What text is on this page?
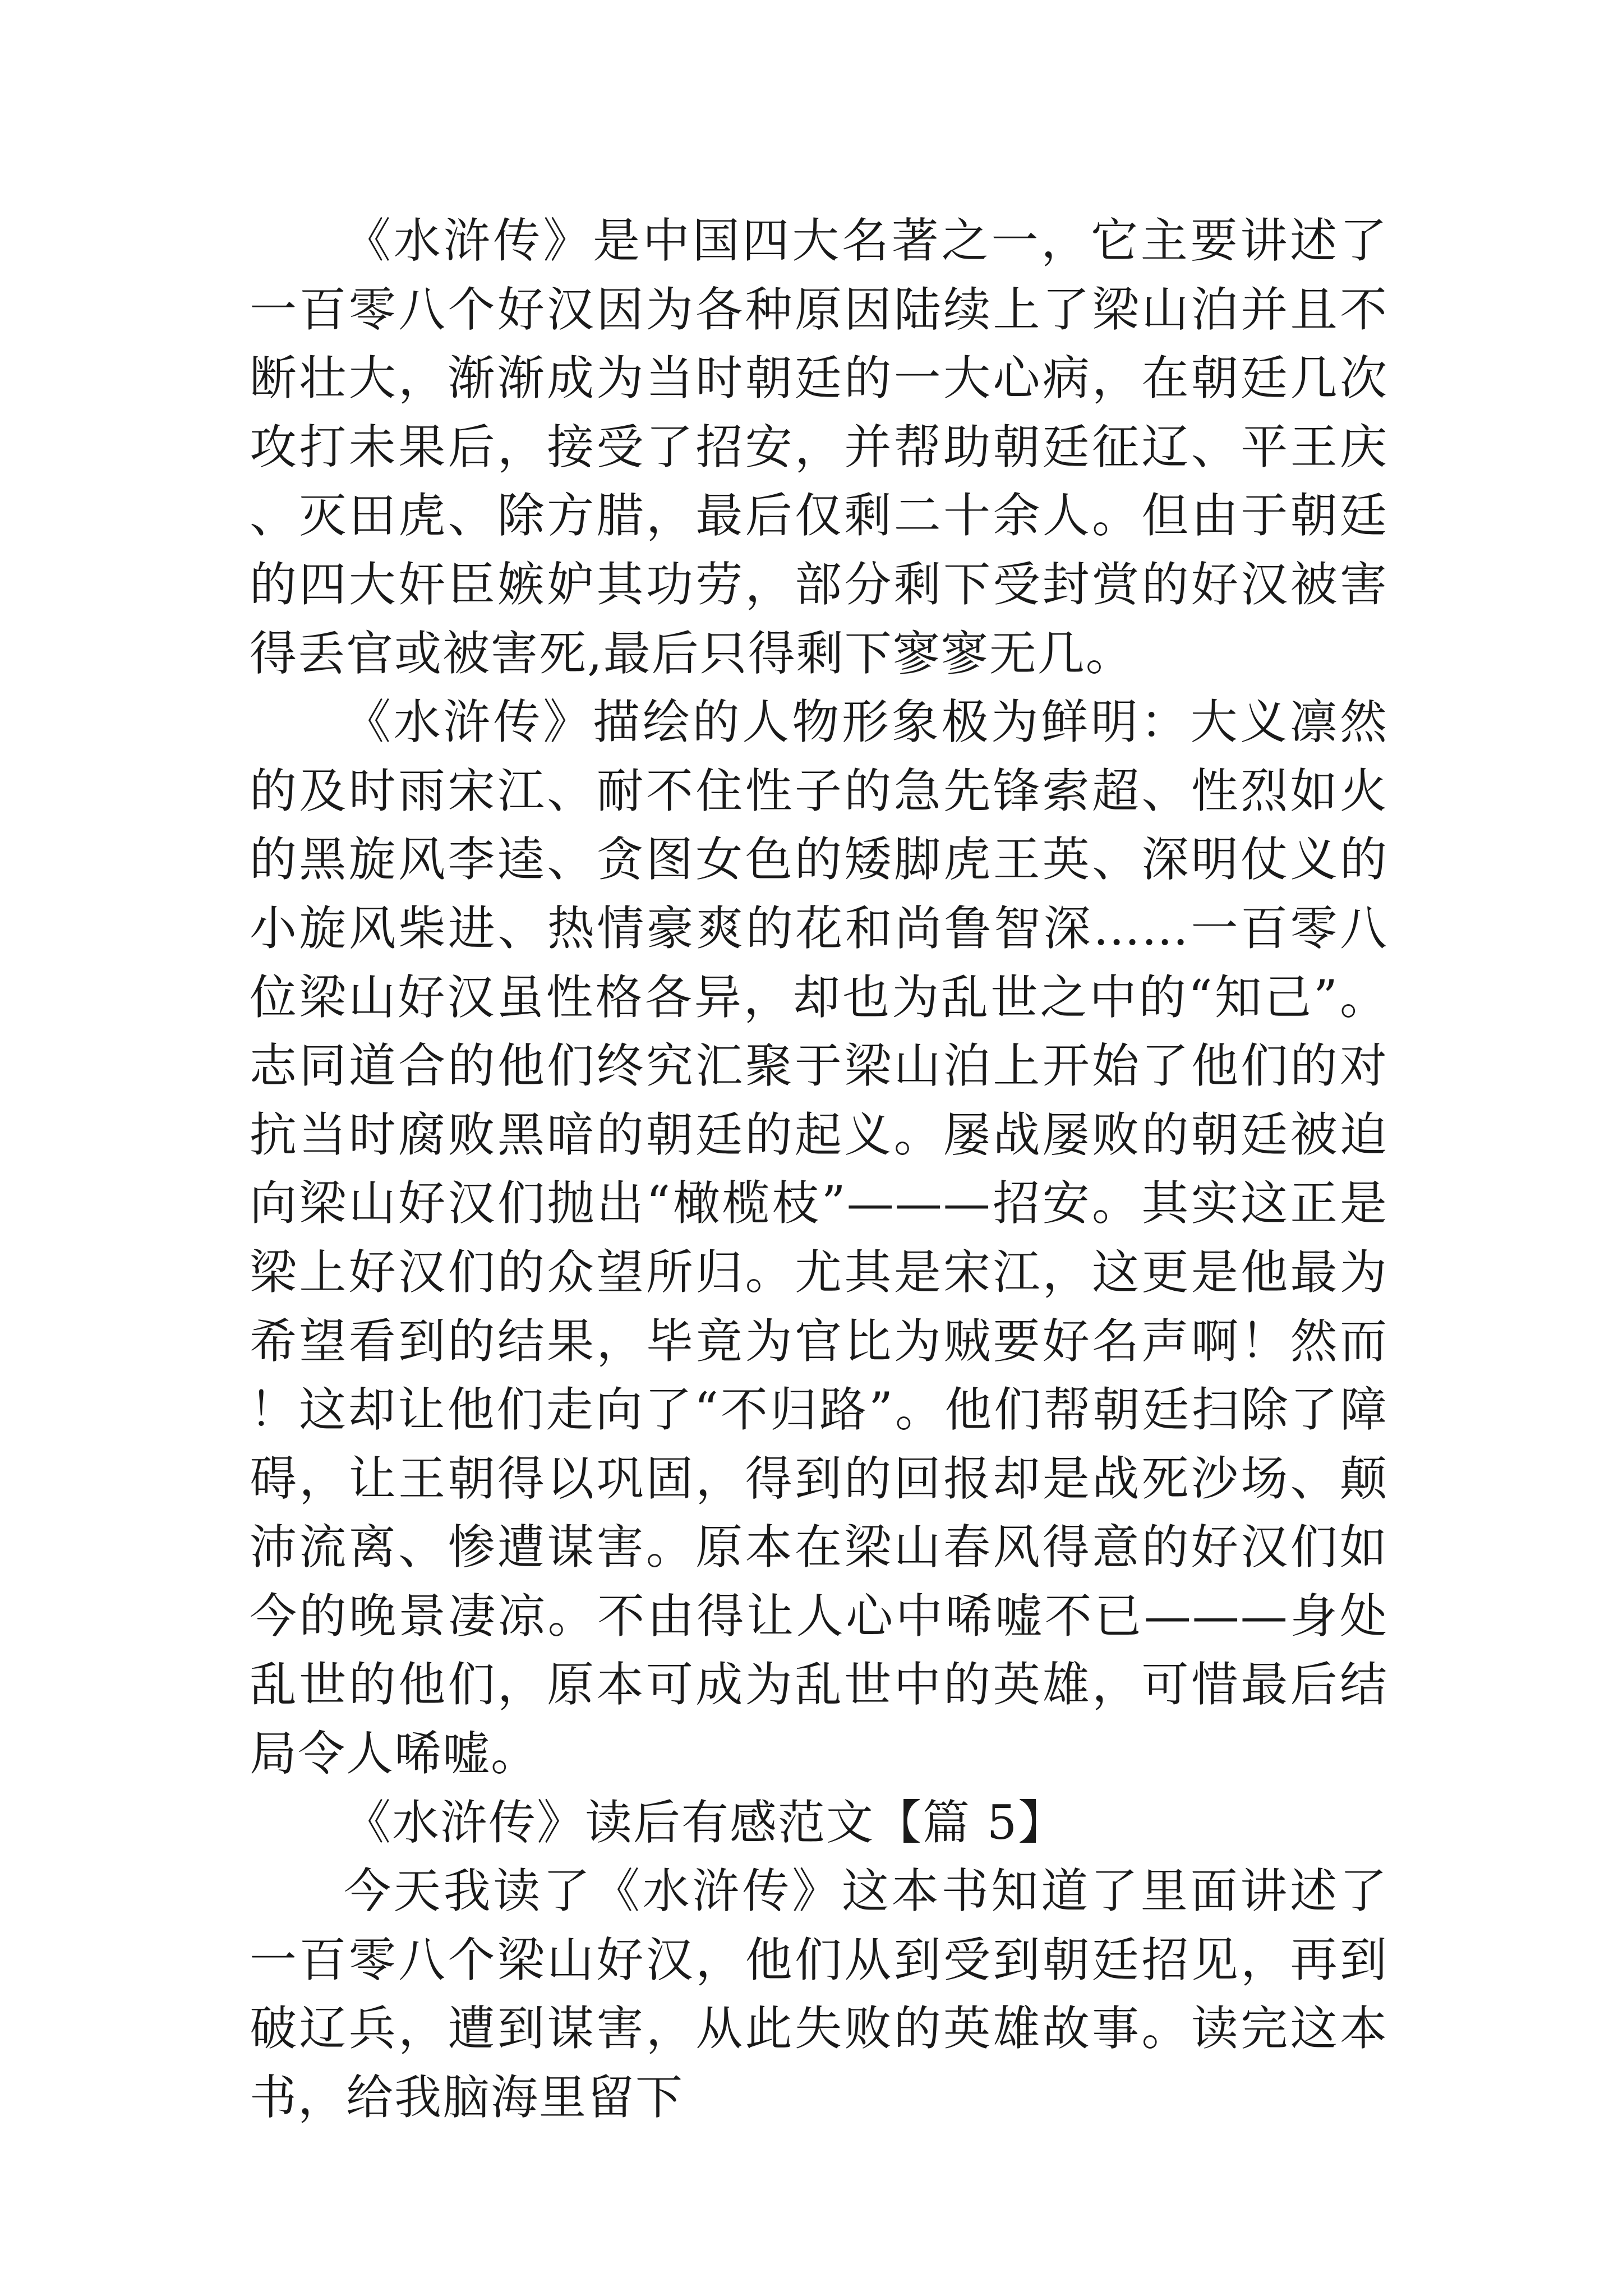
《水浒传》是中国四大名著之一，它主要讲述了一百零八个好汉因为各种原因陆续上了梁山泊并且不断壮大，渐渐成为当时朝廷的一大心病，在朝廷几次攻打未果后，接受了招安，并帮助朝廷征辽、平王庆、灭田虎、除方腊，最后仅剩二十余人。但由于朝廷的四大奸臣嫉妒其功劳，部分剩下受封赏的好汉被害得丢官或被害死,最后只得剩下寥寥无几。

《水浒传》描绘的人物形象极为鲜明：大义凛然的及时雨宋江、耐不住性子的急先锋索超、性烈如火的黑旋风李逵、贪图女色的矮脚虎王英、深明仗义的小旋风柴进、热情豪爽的花和尚鲁智深……一百零八位梁山好汉虽性格各异，却也为乱世之中的“知己”。志同道合的他们终究汇聚于梁山泊上开始了他们的对抗当时腐败黑暗的朝廷的起义。屡战屡败的朝廷被迫向梁山好汉们抛出“橄榄枝”———招安。其实这正是梁上好汉们的众望所归。尤其是宋江，这更是他最为希望看到的结果，毕竟为官比为贼要好名声啊！然而！这却让他们走向了“不归路”。他们帮朝廷扫除了障碍，让王朝得以巩固，得到的回报却是战死沙场、颠沛流离、惨遭谋害。原本在梁山春风得意的好汉们如今的晚景凄凉。不由得让人心中唏嘘不已———身处乱世的他们，原本可成为乱世中的英雄，可惜最后结局令人唏嘘。

《水浒传》读后有感范文【篇 5】

今天我读了《水浒传》这本书知道了里面讲述了一百零八个梁山好汉，他们从到受到朝廷招见，再到破辽兵，遭到谋害，从此失败的英雄故事。读完这本书，给我脑海里留下
